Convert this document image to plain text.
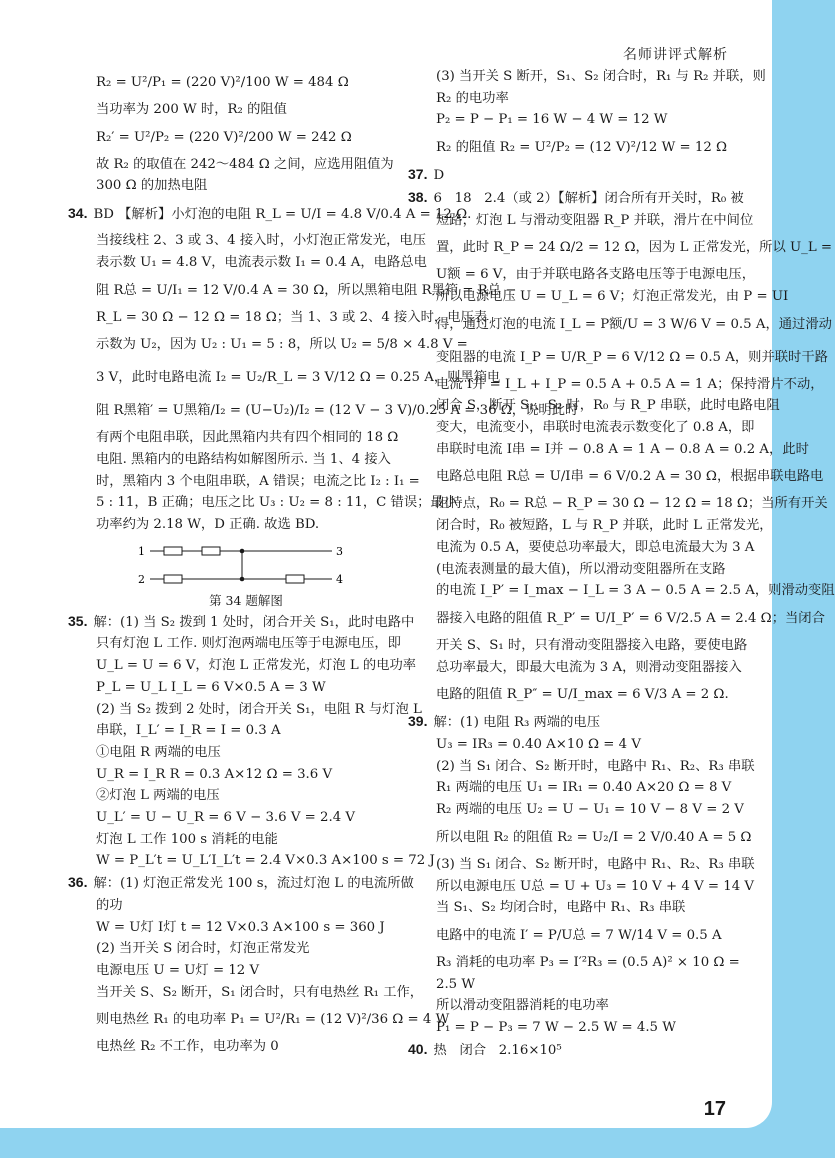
名师讲评式解析
R₂ = U²/P₁ = (220 V)²/100 W = 484 Ω
当功率为 200 W 时，R₂ 的阻值
R₂′ = U²/P₂ = (220 V)²/200 W = 242 Ω
故 R₂ 的取值在 242～484 Ω 之间，应选用阻值为
300 Ω 的加热电阻
34. BD 【解析】小灯泡的电阻 R_L = U/I = 4.8 V/0.4 A = 12 Ω.
当接线柱 2、3 或 3、4 接入时，小灯泡正常发光，电压
表示数 U₁ = 4.8 V，电流表示数 I₁ = 0.4 A，电路总电
阻 R总 = U/I₁ = 12 V/0.4 A = 30 Ω，所以黑箱电阻 R黑箱 = R总 −
R_L = 30 Ω − 12 Ω = 18 Ω；当 1、3 或 2、4 接入时，电压表
示数为 U₂，因为 U₂ : U₁ = 5 : 8，所以 U₂ = 5/8 × 4.8 V =
3 V，此时电路电流 I₂ = U₂/R_L = 3 V/12 Ω = 0.25 A，则黑箱电
阻 R黑箱′ = U黑箱/I₂ = (U−U₂)/I₂ = (12 V − 3 V)/0.25 A = 36 Ω，说明此时
有两个电阻串联，因此黑箱内共有四个相同的 18 Ω
电阻. 黑箱内的电路结构如解图所示. 当 1、4 接入
时，黑箱内 3 个电阻串联，A 错误；电流之比 I₂ : I₁ =
5 : 11，B 正确；电压之比 U₃ : U₂ = 8 : 11，C 错误；最小
功率约为 2.18 W，D 正确. 故选 BD.
1
2
3
4
第 34 题解图
35. 解：(1) 当 S₂ 拨到 1 处时，闭合开关 S₁，此时电路中
只有灯泡 L 工作. 则灯泡两端电压等于电源电压，即
U_L = U = 6 V，灯泡 L 正常发光，灯泡 L 的电功率
P_L = U_L I_L = 6 V×0.5 A = 3 W
(2) 当 S₂ 拨到 2 处时，闭合开关 S₁，电阻 R 与灯泡 L
串联，I_L′ = I_R = I = 0.3 A
①电阻 R 两端的电压
U_R = I_R R = 0.3 A×12 Ω = 3.6 V
②灯泡 L 两端的电压
U_L′ = U − U_R = 6 V − 3.6 V = 2.4 V
灯泡 L 工作 100 s 消耗的电能
W = P_L′t = U_L′I_L′t = 2.4 V×0.3 A×100 s = 72 J
36. 解：(1) 灯泡正常发光 100 s，流过灯泡 L 的电流所做
的功
W = U灯 I灯 t = 12 V×0.3 A×100 s = 360 J
(2) 当开关 S 闭合时，灯泡正常发光
电源电压 U = U灯 = 12 V
当开关 S、S₂ 断开，S₁ 闭合时，只有电热丝 R₁ 工作，
则电热丝 R₁ 的电功率 P₁ = U²/R₁ = (12 V)²/36 Ω = 4 W
电热丝 R₂ 不工作，电功率为 0
(3) 当开关 S 断开，S₁、S₂ 闭合时，R₁ 与 R₂ 并联，则
R₂ 的电功率
P₂ = P − P₁ = 16 W − 4 W = 12 W
R₂ 的阻值 R₂ = U²/P₂ = (12 V)²/12 W = 12 Ω
37. D
38. 6   18   2.4（或 2）【解析】闭合所有开关时，R₀ 被
短路，灯泡 L 与滑动变阻器 R_P 并联，滑片在中间位
置，此时 R_P = 24 Ω/2 = 12 Ω，因为 L 正常发光，所以 U_L =
U额 = 6 V，由于并联电路各支路电压等于电源电压，
所以电源电压 U = U_L = 6 V；灯泡正常发光，由 P = UI
得，通过灯泡的电流 I_L = P额/U = 3 W/6 V = 0.5 A，通过滑动
变阻器的电流 I_P = U/R_P = 6 V/12 Ω = 0.5 A，则并联时干路
电流 I并 = I_L + I_P = 0.5 A + 0.5 A = 1 A；保持滑片不动，
闭合 S，断开 S₁、S₂ 时，R₀ 与 R_P 串联，此时电路电阻
变大，电流变小，串联时电流表示数变化了 0.8 A，即
串联时电流 I串 = I并 − 0.8 A = 1 A − 0.8 A = 0.2 A，此时
电路总电阻 R总 = U/I串 = 6 V/0.2 A = 30 Ω，根据串联电路电
阻特点，R₀ = R总 − R_P = 30 Ω − 12 Ω = 18 Ω；当所有开关
闭合时，R₀ 被短路，L 与 R_P 并联，此时 L 正常发光，
电流为 0.5 A，要使总功率最大，即总电流最大为 3 A
(电流表测量的最大值)，所以滑动变阻器所在支路
的电流 I_P′ = I_max − I_L = 3 A − 0.5 A = 2.5 A，则滑动变阻
器接入电路的阻值 R_P′ = U/I_P′ = 6 V/2.5 A = 2.4 Ω；当闭合
开关 S、S₁ 时，只有滑动变阻器接入电路，要使电路
总功率最大，即最大电流为 3 A，则滑动变阻器接入
电路的阻值 R_P″ = U/I_max = 6 V/3 A = 2 Ω.
39. 解：(1) 电阻 R₃ 两端的电压
U₃ = IR₃ = 0.40 A×10 Ω = 4 V
(2) 当 S₁ 闭合、S₂ 断开时，电路中 R₁、R₂、R₃ 串联
R₁ 两端的电压 U₁ = IR₁ = 0.40 A×20 Ω = 8 V
R₂ 两端的电压 U₂ = U − U₁ = 10 V − 8 V = 2 V
所以电阻 R₂ 的阻值 R₂ = U₂/I = 2 V/0.40 A = 5 Ω
(3) 当 S₁ 闭合、S₂ 断开时，电路中 R₁、R₂、R₃ 串联
所以电源电压 U总 = U + U₃ = 10 V + 4 V = 14 V
当 S₁、S₂ 均闭合时，电路中 R₁、R₃ 串联
电路中的电流 I′ = P/U总 = 7 W/14 V = 0.5 A
R₃ 消耗的电功率 P₃ = I′²R₃ = (0.5 A)² × 10 Ω =
2.5 W
所以滑动变阻器消耗的电功率
P₁ = P − P₃ = 7 W − 2.5 W = 4.5 W
40. 热   闭合   2.16×10⁵
17
